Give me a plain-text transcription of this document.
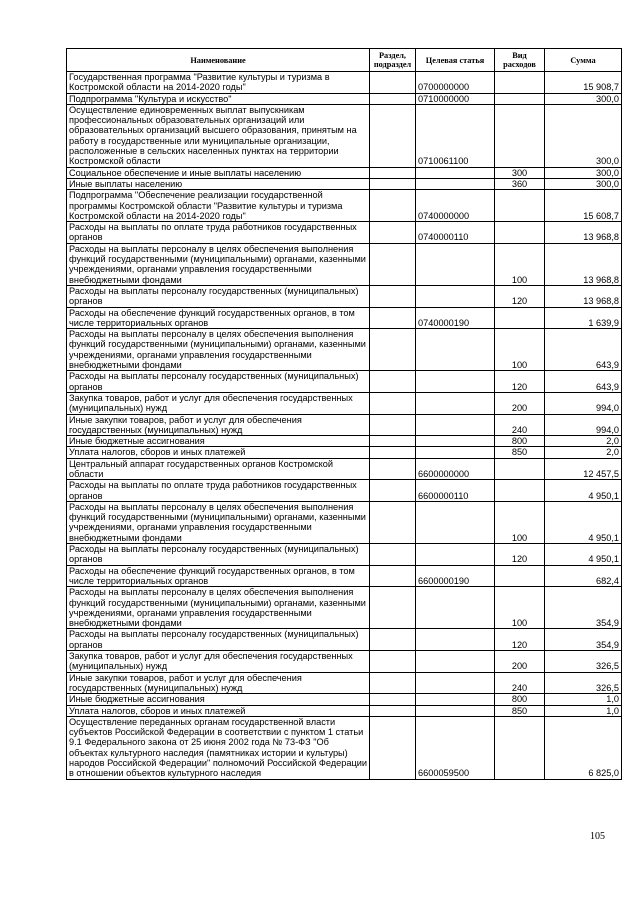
Наименование	Раздел, подраздел	Целевая статья	Вид расходов	Сумма
Государственная программа "Развитие культуры и туризма в Костромской области на 2014-2020 годы"		0700000000		15 908,7
Подпрограмма "Культура и искусство"		0710000000		300,0
Осуществление единовременных выплат выпускникам профессиональных образовательных организаций или образовательных организаций высшего образования, принятым на работу в государственные или муниципальные организации, расположенные в сельских населенных пунктах на территории Костромской области		0710061100		300,0
Социальное обеспечение и иные выплаты населению			300	300,0
Иные выплаты населению			360	300,0
Подпрограмма "Обеспечение реализации государственной программы Костромской области "Развитие культуры и туризма Костромской области на 2014-2020 годы"		0740000000		15 608,7
Расходы на выплаты по оплате труда работников государственных органов		0740000110		13 968,8
Расходы на выплаты персоналу в целях обеспечения выполнения функций государственными (муниципальными) органами, казенными учреждениями, органами управления государственными внебюджетными фондами			100	13 968,8
Расходы на выплаты персоналу государственных (муниципальных) органов			120	13 968,8
Расходы на обеспечение функций государственных органов, в том числе территориальных органов		0740000190		1 639,9
Расходы на выплаты персоналу в целях обеспечения выполнения функций государственными (муниципальными) органами, казенными учреждениями, органами управления государственными внебюджетными фондами			100	643,9
Расходы на выплаты персоналу государственных (муниципальных) органов			120	643,9
Закупка товаров, работ и услуг для обеспечения государственных (муниципальных) нужд			200	994,0
Иные закупки товаров, работ и услуг для обеспечения государственных (муниципальных) нужд			240	994,0
Иные бюджетные ассигнования			800	2,0
Уплата налогов, сборов и иных платежей			850	2,0
Центральный аппарат государственных органов Костромской области		6600000000		12 457,5
Расходы на выплаты по оплате труда работников государственных органов		6600000110		4 950,1
Расходы на выплаты персоналу в целях обеспечения выполнения функций государственными (муниципальными) органами, казенными учреждениями, органами управления государственными внебюджетными фондами			100	4 950,1
Расходы на выплаты персоналу государственных (муниципальных) органов			120	4 950,1
Расходы на обеспечение функций государственных органов, в том числе территориальных органов		6600000190		682,4
Расходы на выплаты персоналу в целях обеспечения выполнения функций государственными (муниципальными) органами, казенными учреждениями, органами управления государственными внебюджетными фондами			100	354,9
Расходы на выплаты персоналу государственных (муниципальных) органов			120	354,9
Закупка товаров, работ и услуг для обеспечения государственных (муниципальных) нужд			200	326,5
Иные закупки товаров, работ и услуг для обеспечения государственных (муниципальных) нужд			240	326,5
Иные бюджетные ассигнования			800	1,0
Уплата налогов, сборов и иных платежей			850	1,0
Осуществление переданных органам государственной власти субъектов Российской Федерации в соответствии с пунктом 1 статьи 9.1 Федерального закона от 25 июня 2002 года № 73-ФЗ "Об объектах культурного наследия (памятниках истории и культуры) народов Российской Федерации" полномочий Российской Федерации в отношении объектов культурного наследия		6600059500		6 825,0
105
